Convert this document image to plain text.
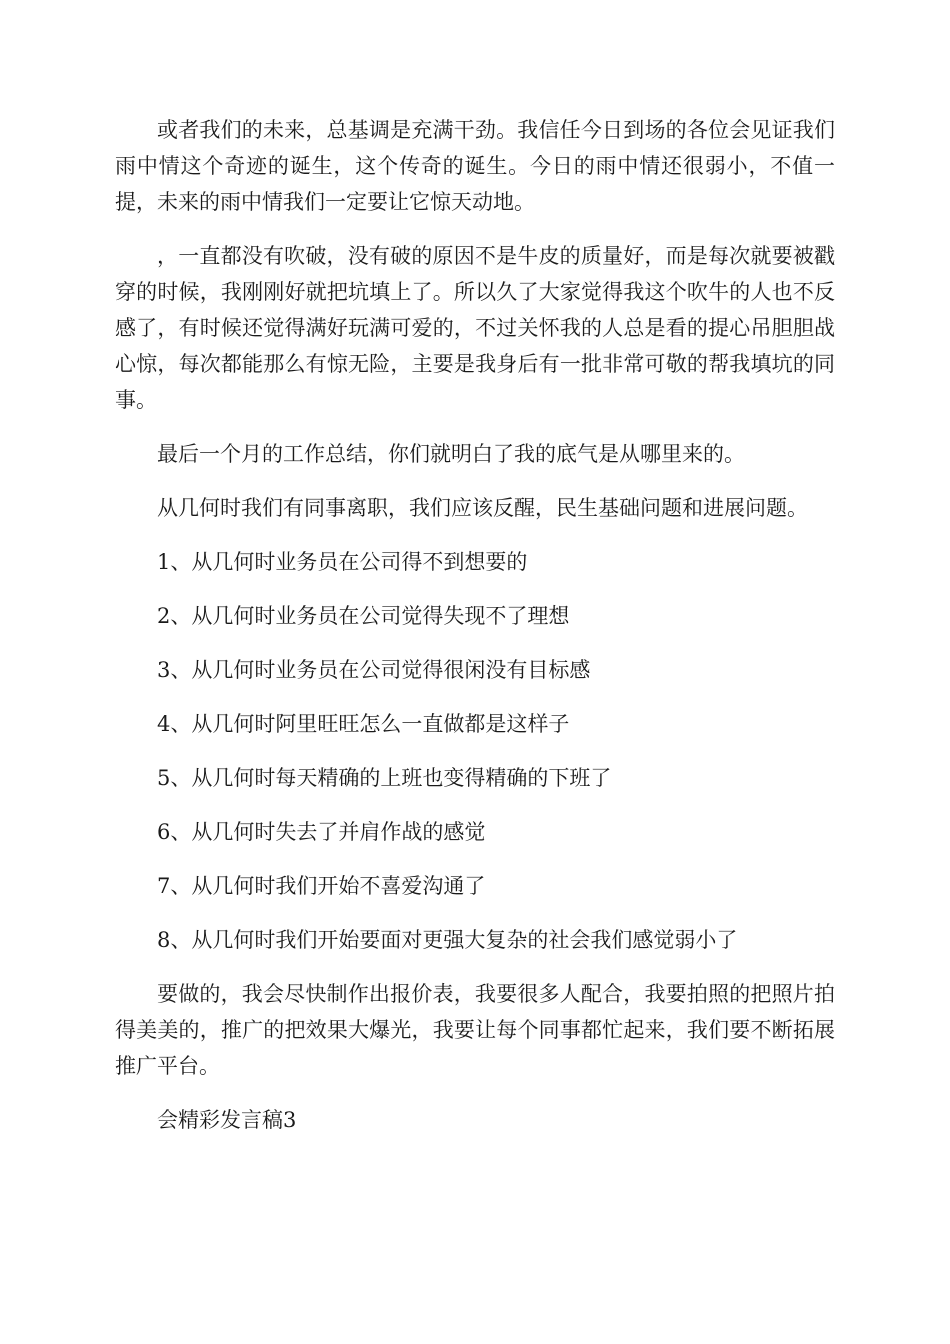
或者我们的未来，总基调是充满干劲。我信任今日到场的各位会见证我们雨中情这个奇迹的诞生，这个传奇的诞生。今日的雨中情还很弱小，不值一提，未来的雨中情我们一定要让它惊天动地。

，一直都没有吹破，没有破的原因不是牛皮的质量好，而是每次就要被戳穿的时候，我刚刚好就把坑填上了。所以久了大家觉得我这个吹牛的人也不反感了，有时候还觉得满好玩满可爱的，不过关怀我的人总是看的提心吊胆胆战心惊，每次都能那么有惊无险，主要是我身后有一批非常可敬的帮我填坑的同事。

最后一个月的工作总结，你们就明白了我的底气是从哪里来的。

从几何时我们有同事离职，我们应该反醒，民生基础问题和进展问题。

1、从几何时业务员在公司得不到想要的

2、从几何时业务员在公司觉得失现不了理想

3、从几何时业务员在公司觉得很闲没有目标感

4、从几何时阿里旺旺怎么一直做都是这样子

5、从几何时每天精确的上班也变得精确的下班了

6、从几何时失去了并肩作战的感觉

7、从几何时我们开始不喜爱沟通了

8、从几何时我们开始要面对更强大复杂的社会我们感觉弱小了

要做的，我会尽快制作出报价表，我要很多人配合，我要拍照的把照片拍得美美的，推广的把效果大爆光，我要让每个同事都忙起来，我们要不断拓展推广平台。

会精彩发言稿3
